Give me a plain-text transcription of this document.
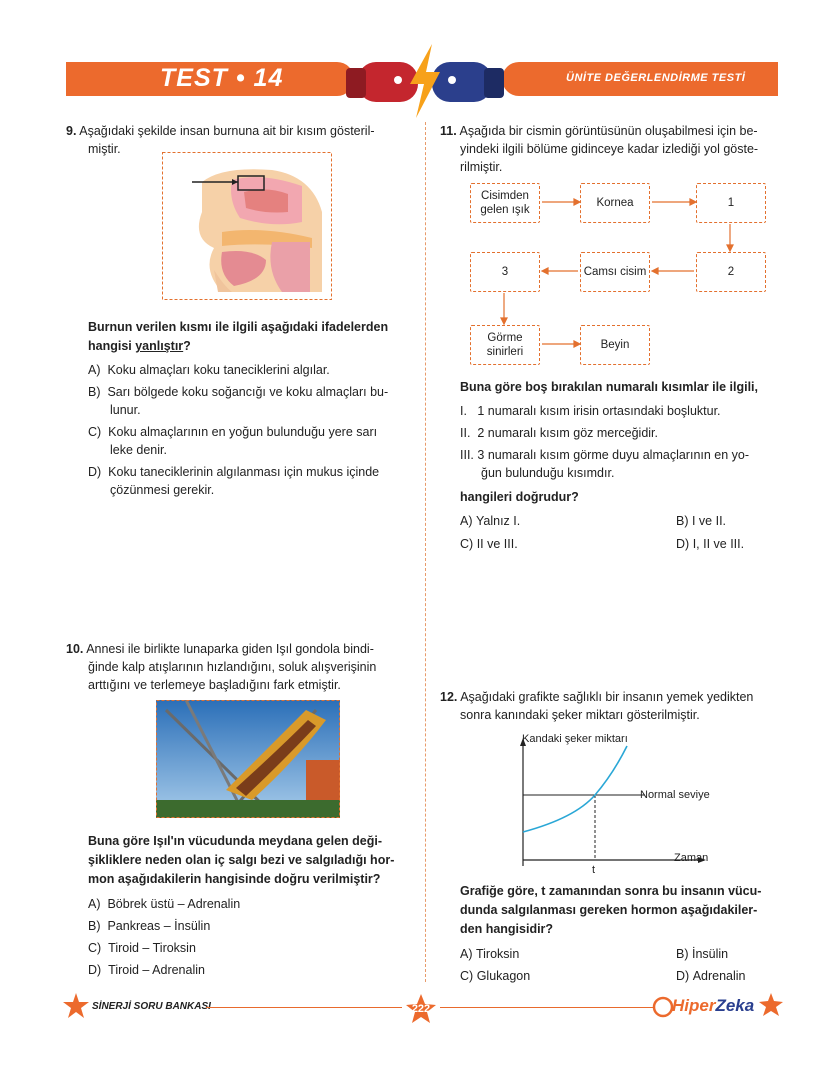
TEST • 14	ÜNİTE DEĞERLENDİRME TESTİ
9. Aşağıdaki şekilde insan burnuna ait bir kısım gösteril-
miştir.
Burnun verilen kısmı ile ilgili aşağıdaki ifadelerden
hangisi yanlıştır?
A) Koku almaçları koku taneciklerini algılar.
B) Sarı bölgede koku soğancığı ve koku almaçları bu-
lunur.
C) Koku almaçlarının en yoğun bulunduğu yere sarı
leke denir.
D) Koku taneciklerinin algılanması için mukus içinde
çözünmesi gerekir.
10. Annesi ile birlikte lunaparka giden Işıl gondola bindi-
ğinde kalp atışlarının hızlandığını, soluk alışverişinin
arttığını ve terlemeye başladığını fark etmiştir.
Buna göre Işıl'ın vücudunda meydana gelen deği-
şikliklere neden olan iç salgı bezi ve salgıladığı hor-
mon aşağıdakilerin hangisinde doğru verilmiştir?
A) Böbrek üstü – Adrenalin
B) Pankreas – İnsülin
C) Tiroid – Tiroksin
D) Tiroid – Adrenalin
11. Aşağıda bir cismin görüntüsünün oluşabilmesi için be-
yindeki ilgili bölüme gidinceye kadar izlediği yol göste-
rilmiştir.
Cisimden
gelen ışık
Kornea	1
3	Camsı cisim	2
Görme
sinirleri
Beyin
Buna göre boş bırakılan numaralı kısımlar ile ilgili,
I. 1 numaralı kısım irisin ortasındaki boşluktur.
II. 2 numaralı kısım göz merceğidir.
III. 3 numaralı kısım görme duyu almaçlarının en yo-
ğun bulunduğu kısımdır.
hangileri doğrudur?
A) Yalnız I.	B) I ve II.
C) II ve III.	D) I, II ve III.
12. Aşağıdaki grafikte sağlıklı bir insanın yemek yedikten
sonra kanındaki şeker miktarı gösterilmiştir.
Kandaki şeker miktarı
Normal seviye
Zaman
t
Grafiğe göre, t zamanından sonra bu insanın vücu-
dunda salgılanması gereken hormon aşağıdakiler-
den hangisidir?
A) Tiroksin	B) İnsülin
C) Glukagon	D) Adrenalin
SİNERJİ SORU BANKASI	222	HiperZeka
